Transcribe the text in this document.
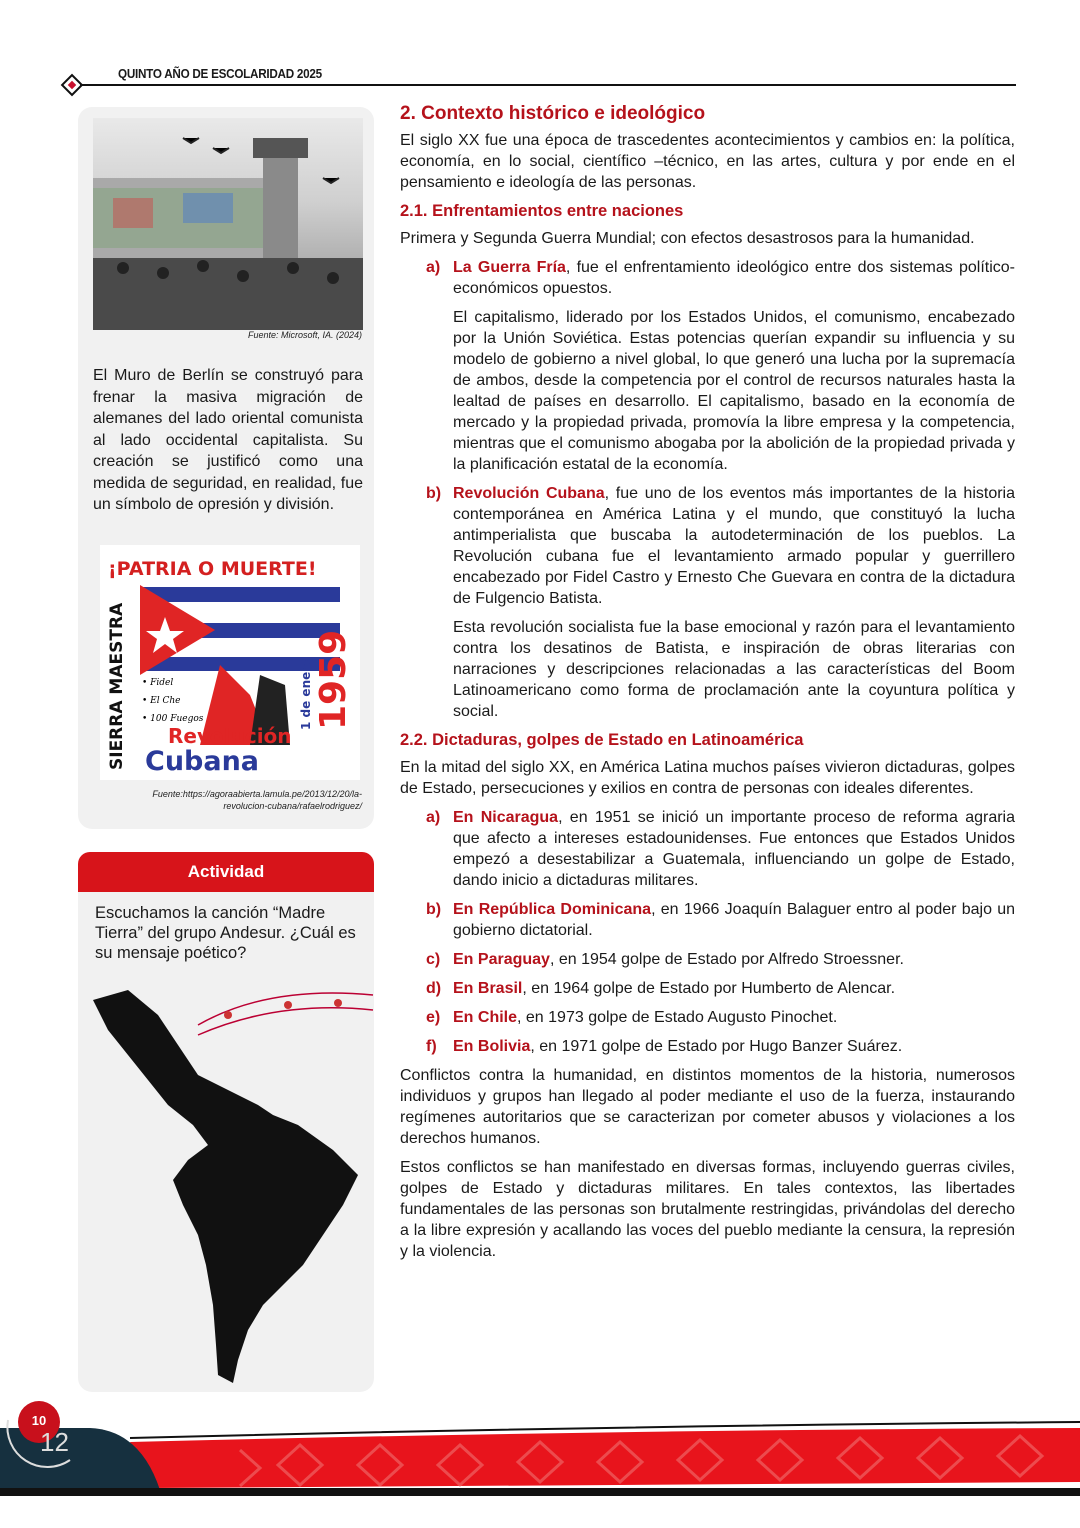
QUINTO AÑO DE ESCOLARIDAD 2025
Fuente: Microsoft, IA. (2024)
El Muro de Berlín se construyó para frenar la masiva migración de alemanes del lado oriental comunista al lado occidental capitalista. Su creación se justificó como una medida de seguridad, en realidad, fue un símbolo de opresión y división.
¡PATRIA O MUERTE!
SIERRA MAESTRA • Fidel
• El Che
• 100 Fuegos	1 de enero 1959
Revolución
Cubana
Fuente:https://agoraabierta.lamula.pe/2013/12/20/la-revolucion-cubana/rafaelrodriguez/
Actividad
Escuchamos la canción “Madre Tierra” del grupo Andesur. ¿Cuál es su mensaje poético?
2. Contexto histórico e ideológico

El siglo XX fue una época de trascedentes acontecimientos y cambios en: la política, economía, en lo social, científico –técnico, en las artes, cultura y por ende en el pensamiento e ideología de las personas.

2.1. Enfrentamientos entre naciones

Primera y Segunda Guerra Mundial; con efectos desastrosos para la humanidad.

a) La Guerra Fría, fue el enfrentamiento ideológico entre dos sistemas político-económicos opuestos.

El capitalismo, liderado por los Estados Unidos, el comunismo, encabezado por la Unión Soviética. Estas potencias querían expandir su influencia y su modelo de gobierno a nivel global, lo que generó una lucha por la supremacía de ambos, desde la competencia por el control de recursos naturales hasta la lealtad de países en desarrollo. El capitalismo, basado en la economía de mercado y la propiedad privada, promovía la libre empresa y la competencia, mientras que el comunismo abogaba por la abolición de la propiedad privada y la planificación estatal de la economía.

b) Revolución Cubana, fue uno de los eventos más importantes de la historia contemporánea en América Latina y el mundo, que constituyó la lucha antimperialista que buscaba la autodeterminación de los pueblos. La Revolución cubana fue el levantamiento armado popular y guerrillero encabezado por Fidel Castro y Ernesto Che Guevara en contra de la dictadura de Fulgencio Batista.

Esta revolución socialista fue la base emocional y razón para el levantamiento contra los desatinos de Batista, e inspiración de obras literarias con narraciones y descripciones relacionadas a las características del Boom Latinoamericano como forma de proclamación ante la coyuntura política y social.

2.2. Dictaduras, golpes de Estado en Latinoamérica

En la mitad del siglo XX, en América Latina muchos países vivieron dictaduras, golpes de Estado, persecuciones y exilios en contra de personas con ideales diferentes.

a) En Nicaragua, en 1951 se inició un importante proceso de reforma agraria que afecto a intereses estadounidenses. Fue entonces que Estados Unidos empezó a desestabilizar a Guatemala, influenciando un golpe de Estado, dando inicio a dictaduras militares.
b) En República Dominicana, en 1966 Joaquín Balaguer entro al poder bajo un gobierno dictatorial.
c) En Paraguay, en 1954 golpe de Estado por Alfredo Stroessner.
d) En Brasil, en 1964 golpe de Estado por Humberto de Alencar.
e) En Chile, en 1973 golpe de Estado Augusto Pinochet.
f)	En Bolivia, en 1971 golpe de Estado por Hugo Banzer Suárez.

Conflictos contra la humanidad, en distintos momentos de la historia, numerosos individuos y grupos han llegado al poder mediante el uso de la fuerza, instaurando regímenes autoritarios que se caracterizan por cometer abusos y violaciones a los derechos humanos.

Estos conflictos se han manifestado en diversas formas, incluyendo guerras civiles, golpes de Estado y dictaduras militares. En tales contextos, las libertades fundamentales de las personas son brutalmente restringidas, privándolas del derecho a la libre expresión y acallando las voces del pueblo mediante la censura, la represión y la violencia.

10
12
